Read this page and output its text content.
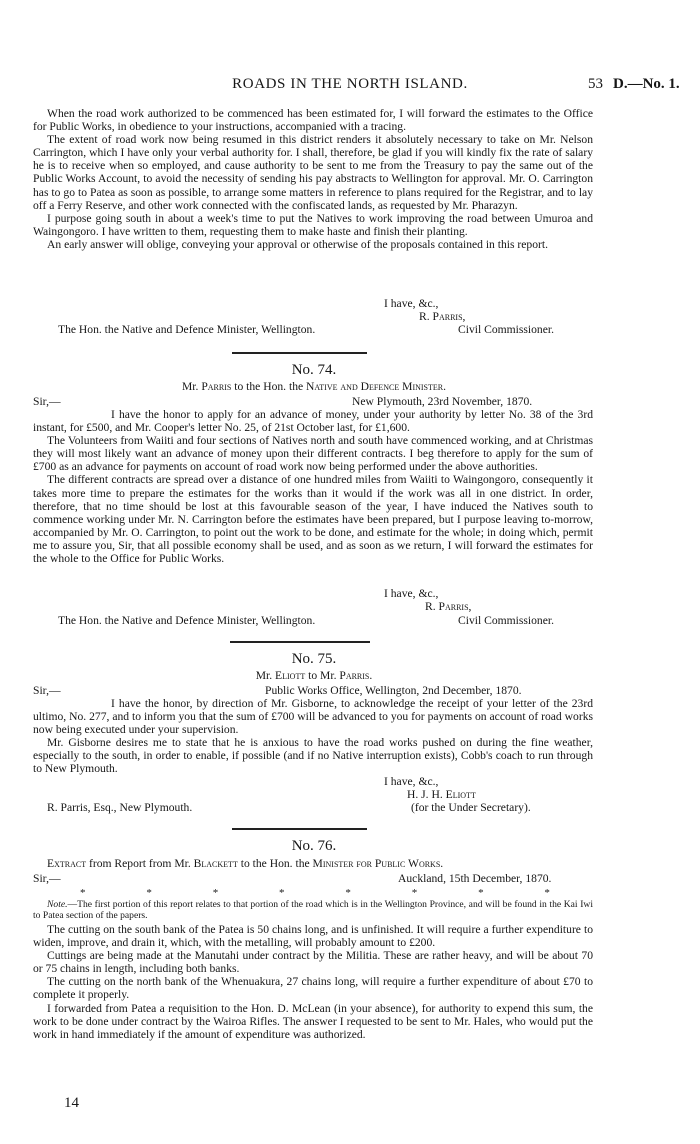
ROADS IN THE NORTH ISLAND.	53 D.—No. 1.

When the road work authorized to be commenced has been estimated for, I will forward the estimates to the Office for Public Works, in obedience to your instructions, accompanied with a tracing.

The extent of road work now being resumed in this district renders it absolutely necessary to take on Mr. Nelson Carrington, which I have only your verbal authority for. I shall, therefore, be glad if you will kindly fix the rate of salary he is to receive when so employed, and cause authority to be sent to me from the Treasury to pay the same out of the Public Works Account, to avoid the necessity of sending his pay abstracts to Wellington for approval. Mr. O. Carrington has to go to Patea as soon as possible, to arrange some matters in reference to plans required for the Registrar, and to lay off a Ferry Reserve, and other work connected with the confiscated lands, as requested by Mr. Pharazyn.

I purpose going south in about a week's time to put the Natives to work improving the road between Umuroa and Waingongoro. I have written to them, requesting them to make haste and finish their planting.

An early answer will oblige, conveying your approval or otherwise of the proposals contained in this report.

I have, &c.,
R. Parris,
The Hon. the Native and Defence Minister, Wellington.	Civil Commissioner.
No. 74.
Mr. Parris to the Hon. the Native and Defence Minister.
Sir,—	New Plymouth, 23rd November, 1870.

I have the honor to apply for an advance of money, under your authority by letter No. 38 of the 3rd instant, for £500, and Mr. Cooper's letter No. 25, of 21st October last, for £1,600.

The Volunteers from Waiiti and four sections of Natives north and south have commenced working, and at Christmas they will most likely want an advance of money upon their different contracts. I beg therefore to apply for the sum of £700 as an advance for payments on account of road work now being performed under the above authorities.

The different contracts are spread over a distance of one hundred miles from Waiiti to Waingongoro, consequently it takes more time to prepare the estimates for the works than it would if the work was all in one district. In order, therefore, that no time should be lost at this favourable season of the year, I have induced the Natives south to commence working under Mr. N. Carrington before the estimates have been prepared, but I purpose leaving to-morrow, accompanied by Mr. O. Carrington, to point out the work to be done, and estimate for the whole; in doing which, permit me to assure you, Sir, that all possible economy shall be used, and as soon as we return, I will forward the estimates for the whole to the Office for Public Works.

I have, &c.,
R. Parris,
The Hon. the Native and Defence Minister, Wellington.	Civil Commissioner.
No. 75.
Mr. Eliott to Mr. Parris.
Sir,—	Public Works Office, Wellington, 2nd December, 1870.

I have the honor, by direction of Mr. Gisborne, to acknowledge the receipt of your letter of the 23rd ultimo, No. 277, and to inform you that the sum of £700 will be advanced to you for payments on account of road works now being executed under your supervision.

Mr. Gisborne desires me to state that he is anxious to have the road works pushed on during the fine weather, especially to the south, in order to enable, if possible (and if no Native interruption exists), Cobb's coach to run through to New Plymouth.

I have, &c.,
H. J. H. Eliott
R. Parris, Esq., New Plymouth.	(for the Under Secretary).
No. 76.
Extract from Report from Mr. Blackett to the Hon. the Minister for Public Works.
Sir,—	Auckland, 15th December, 1870.
*	*	*	*	*	*	*	*

Note.—The first portion of this report relates to that portion of the road which is in the Wellington Province, and will be found in the Kai Iwi to Patea section of the papers.

The cutting on the south bank of the Patea is 50 chains long, and is unfinished. It will require a further expenditure to widen, improve, and drain it, which, with the metalling, will probably amount to £200.

Cuttings are being made at the Manutahi under contract by the Militia. These are rather heavy, and will be about 70 or 75 chains in length, including both banks.

The cutting on the north bank of the Whenuakura, 27 chains long, will require a further expenditure of about £70 to complete it properly.

I forwarded from Patea a requisition to the Hon. D. McLean (in your absence), for authority to expend this sum, the work to be done under contract by the Wairoa Rifles. The answer I requested to be sent to Mr. Hales, who would put the work in hand immediately if the amount of expenditure was authorized.

14
